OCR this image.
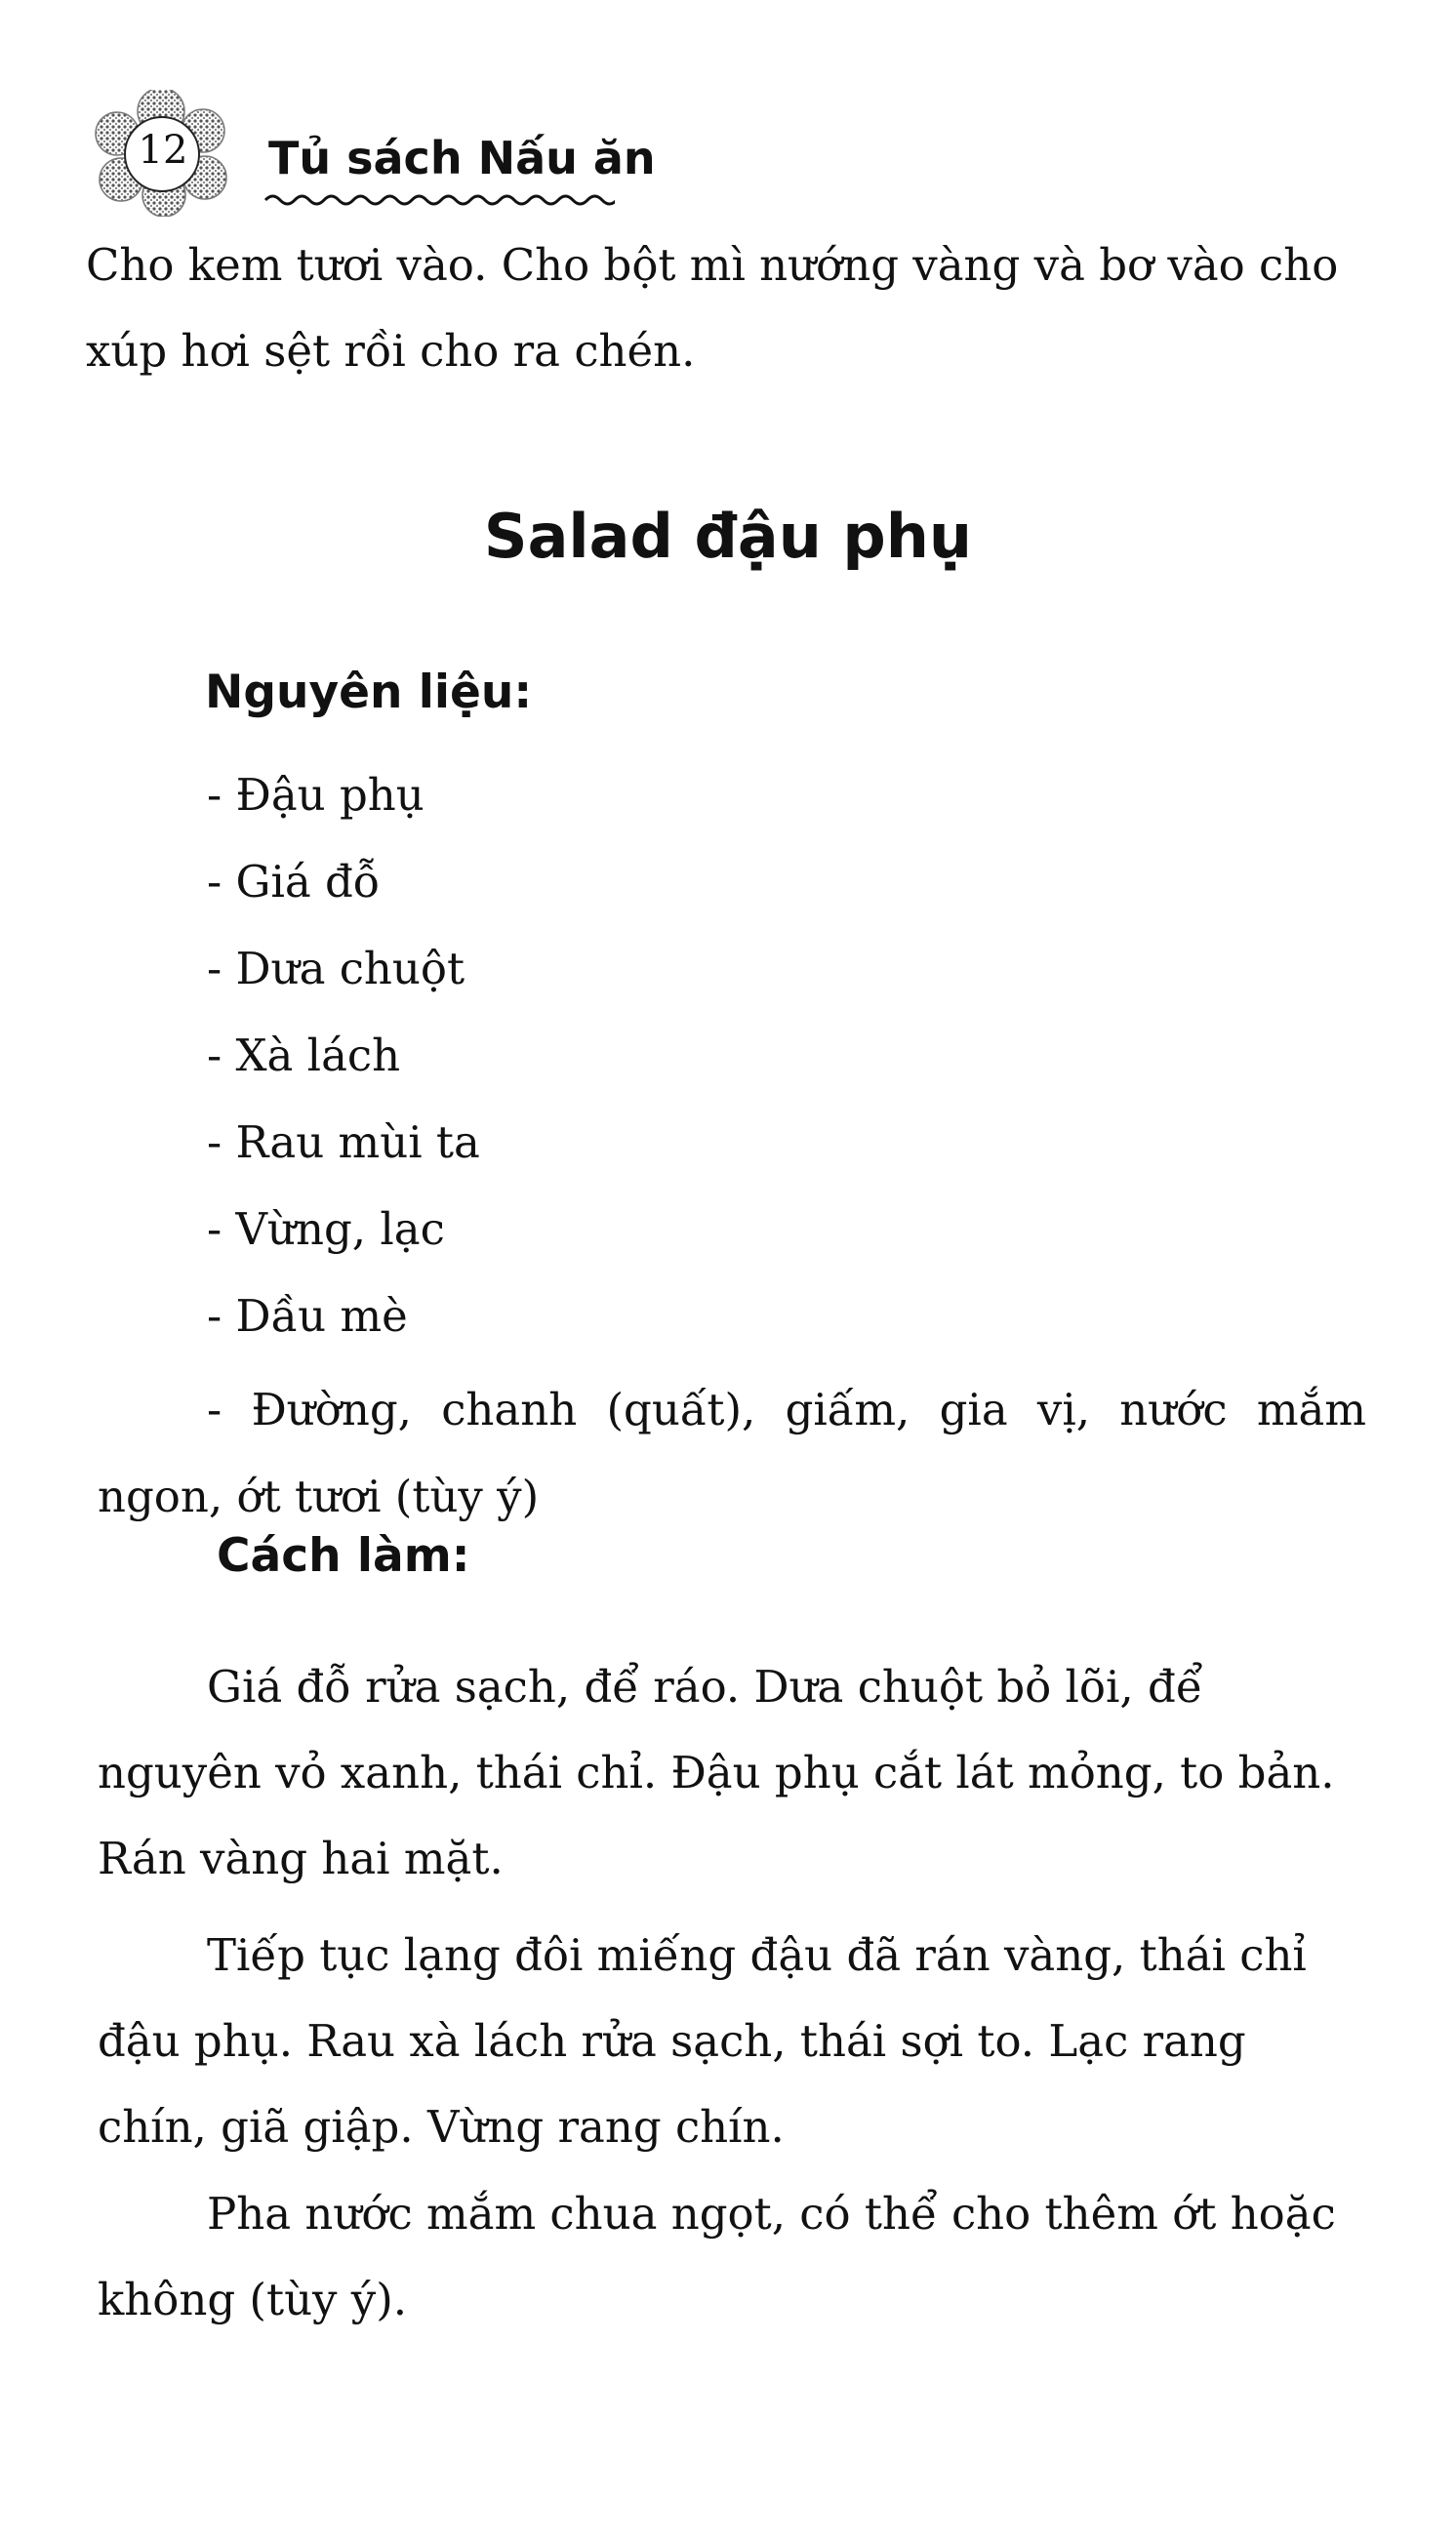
12 Tủ sách Nấu ăn

Cho kem tươi vào. Cho bột mì nướng vàng và bơ vào cho xúp hơi sệt rồi cho ra chén.

Salad đậu phụ
Nguyên liệu:
- Đậu phụ
- Giá đỗ
- Dưa chuột
- Xà lách
- Rau mùi ta
- Vừng, lạc
- Dầu mè

- Đường, chanh (quất), giấm, gia vị, nước mắm ngon, ớt tươi (tùy ý)

Cách làm:

Giá đỗ rửa sạch, để ráo. Dưa chuột bỏ lõi, để nguyên vỏ xanh, thái chỉ. Đậu phụ cắt lát mỏng, to bản. Rán vàng hai mặt.

Tiếp tục lạng đôi miếng đậu đã rán vàng, thái chỉ đậu phụ. Rau xà lách rửa sạch, thái sợi to. Lạc rang chín, giã giập. Vừng rang chín.

Pha nước mắm chua ngọt, có thể cho thêm ớt hoặc không (tùy ý).
